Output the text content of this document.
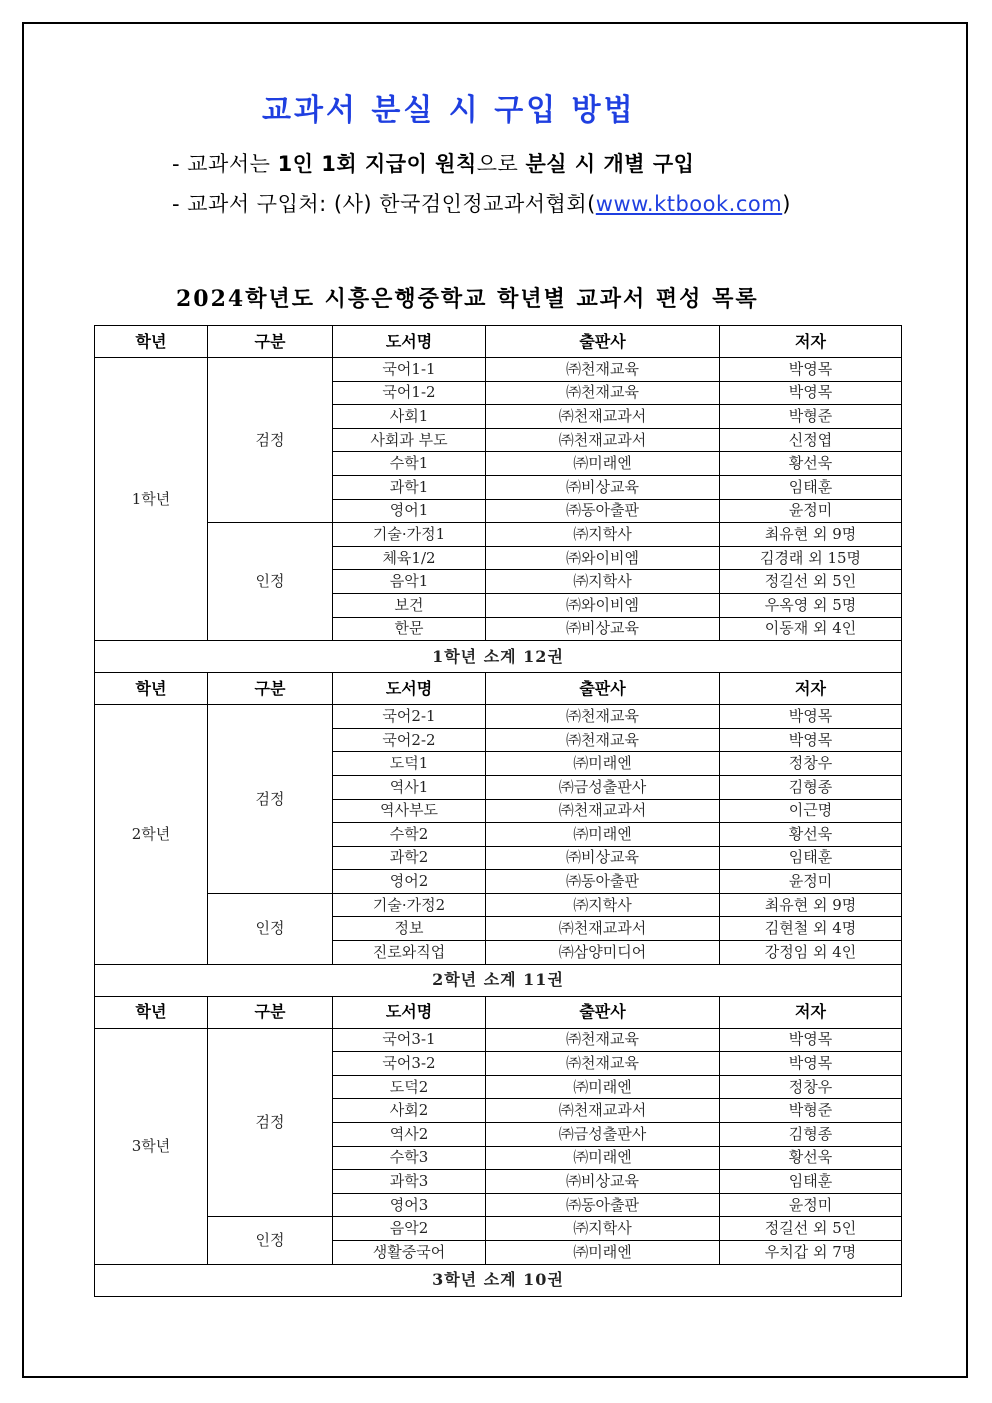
교과서 분실 시 구입 방법
- 교과서는 1인 1회 지급이 원칙으로 분실 시 개별 구입
- 교과서 구입처: (사) 한국검인정교과서협회(www.ktbook.com)
2024학년도 시흥은행중학교 학년별 교과서 편성 목록
학년	구분	도서명	출판사	저자
1학년	검정	국어1-1	㈜천재교육	박영목
		국어1-2	㈜천재교육	박영목
		사회1	㈜천재교과서	박형준
		사회과 부도	㈜천재교과서	신정엽
		수학1	㈜미래엔	황선욱
		과학1	㈜비상교육	임태훈
		영어1	㈜동아출판	윤정미
	인정	기술·가정1	㈜지학사	최유현 외 9명
		체육1/2	㈜와이비엠	김경래 외 15명
		음악1	㈜지학사	정길선 외 5인
		보건	㈜와이비엠	우옥영 외 5명
		한문	㈜비상교육	이동재 외 4인
1학년 소계 12권				
학년	구분	도서명	출판사	저자
2학년	검정	국어2-1	㈜천재교육	박영목
		국어2-2	㈜천재교육	박영목
		도덕1	㈜미래엔	정창우
		역사1	㈜금성출판사	김형종
		역사부도	㈜천재교과서	이근명
		수학2	㈜미래엔	황선욱
		과학2	㈜비상교육	임태훈
		영어2	㈜동아출판	윤정미
	인정	기술·가정2	㈜지학사	최유현 외 9명
		정보	㈜천재교과서	김현철 외 4명
		진로와직업	㈜삼양미디어	강정임 외 4인
2학년 소계 11권				
학년	구분	도서명	출판사	저자
3학년	검정	국어3-1	㈜천재교육	박영목
		국어3-2	㈜천재교육	박영목
		도덕2	㈜미래엔	정창우
		사회2	㈜천재교과서	박형준
		역사2	㈜금성출판사	김형종
		수학3	㈜미래엔	황선욱
		과학3	㈜비상교육	임태훈
		영어3	㈜동아출판	윤정미
	인정	음악2	㈜지학사	정길선 외 5인
		생활중국어	㈜미래엔	우치갑 외 7명
3학년 소계 10권				
